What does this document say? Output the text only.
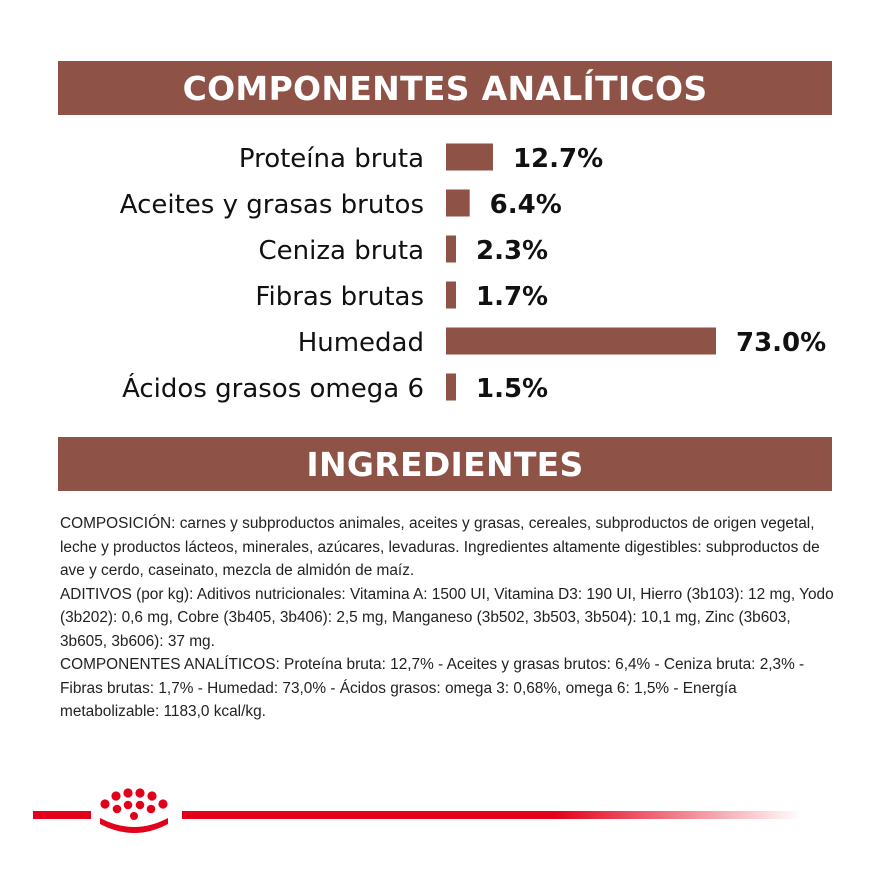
COMPONENTES ANALÍTICOS
Proteína bruta	12.7%
Aceites y grasas brutos	6.4%
Ceniza bruta 2.3%
Fibras brutas 1.7%
Humedad	73.0%
Ácidos grasos omega 6 1.5%
INGREDIENTES

COMPOSICIÓN: carnes y subproductos animales, aceites y grasas, cereales, subproductos de origen vegetal, leche y productos lácteos, minerales, azúcares, levaduras. Ingredientes altamente digestibles: subproductos de ave y cerdo, caseinato, mezcla de almidón de maíz.

ADITIVOS (por kg): Aditivos nutricionales: Vitamina A: 1500 UI, Vitamina D3: 190 UI, Hierro (3b103): 12 mg, Yodo (3b202): 0,6 mg, Cobre (3b405, 3b406): 2,5 mg, Manganeso (3b502, 3b503, 3b504): 10,1 mg, Zinc (3b603, 3b605, 3b606): 37 mg.

COMPONENTES ANALÍTICOS: Proteína bruta: 12,7% - Aceites y grasas brutos: 6,4% - Ceniza bruta: 2,3% - Fibras brutas: 1,7% - Humedad: 73,0% - Ácidos grasos: omega 3: 0,68%, omega 6: 1,5% - Energía metabolizable: 1183,0 kcal/kg.
